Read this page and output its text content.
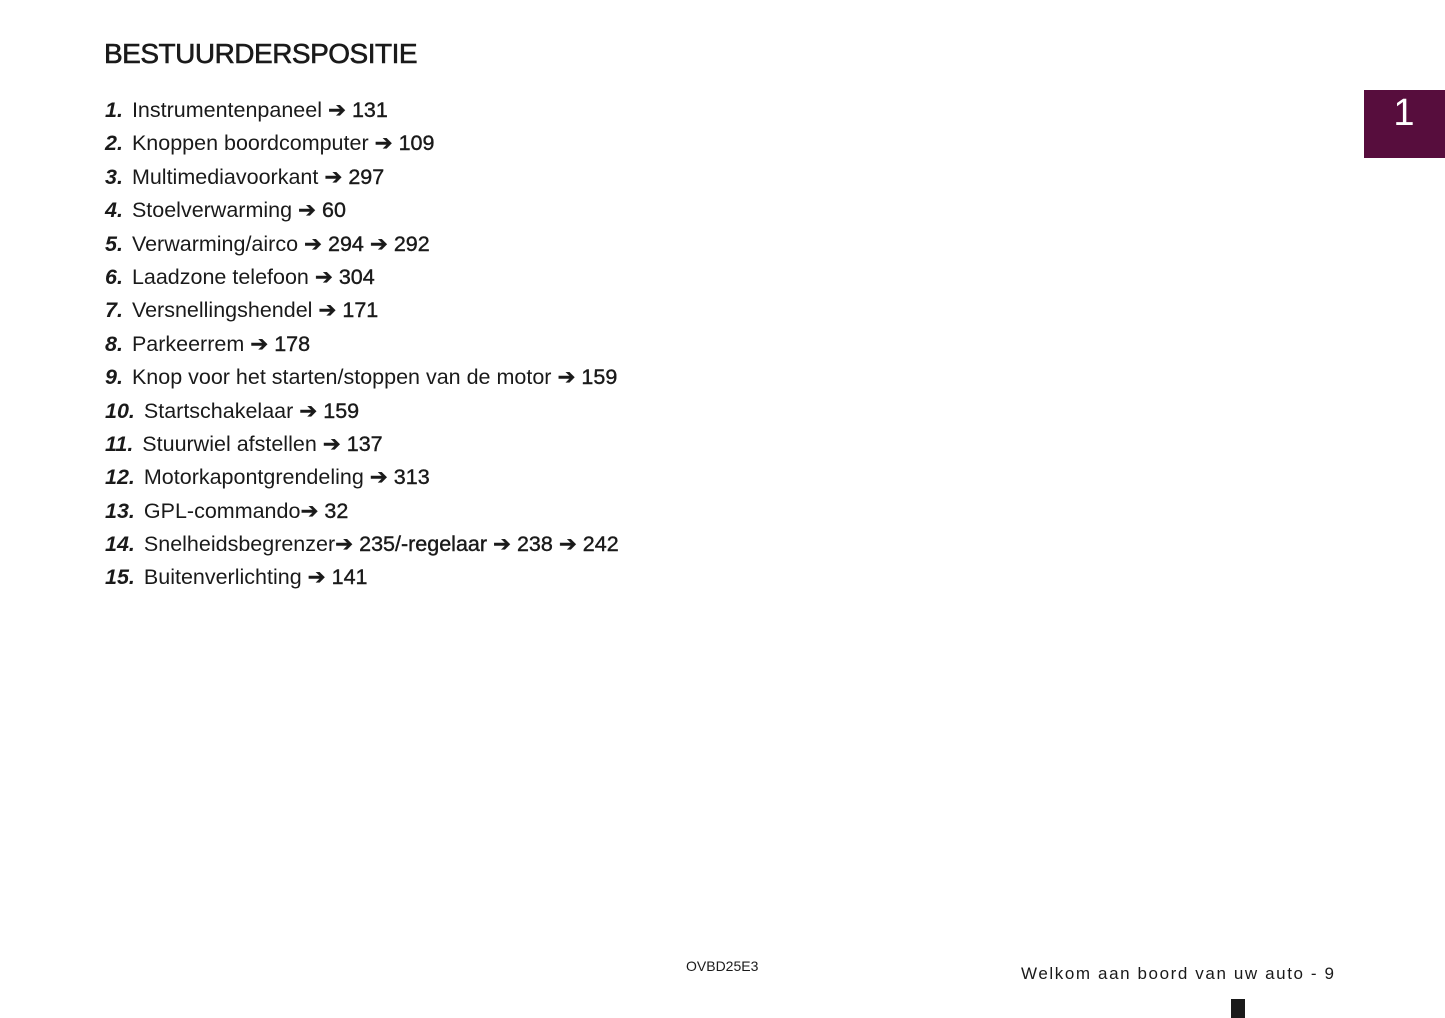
BESTUURDERSPOSITIE
1. Instrumentenpaneel ➔ 131
2. Knoppen boordcomputer ➔ 109
3. Multimediavoorkant ➔ 297
4. Stoelverwarming ➔ 60
5. Verwarming/airco ➔ 294 ➔ 292
6. Laadzone telefoon ➔ 304
7. Versnellingshendel ➔ 171
8. Parkeerrem ➔ 178
9. Knop voor het starten/stoppen van de motor ➔ 159
10. Startschakelaar ➔ 159
11. Stuurwiel afstellen ➔ 137
12. Motorkapontgrendeling ➔ 313
13. GPL-commando➔ 32
14. Snelheidsbegrenzer➔ 235/-regelaar ➔ 238 ➔ 242
15. Buitenverlichting ➔ 141
1
OVBD25E3	Welkom aan boord van uw auto - 9
